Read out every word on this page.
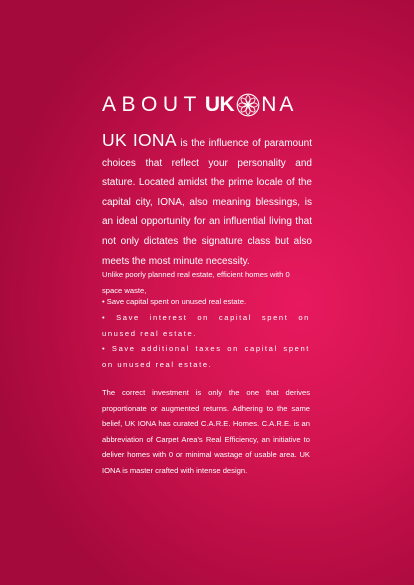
ABOUT UK NA

UK IONA is the influence of paramount choices that reflect your personality and stature. Located amidst the prime locale of the capital city, IONA, also meaning blessings, is an ideal opportunity for an influential living that not only dictates the signature class but also meets the most minute necessity.

Unlike poorly planned real estate, efficient homes with 0 space waste,

• Save capital spent on unused real estate.
• Save interest on capital spent on unused real estate.
• Save additional taxes on capital spent on unused real estate.

The correct investment is only the one that derives proportionate or augmented returns. Adhering to the same belief, UK IONA has curated C.A.R.E. Homes. C.A.R.E. is an abbreviation of Carpet Area's Real Efficiency, an initiative to deliver homes with 0 or minimal wastage of usable area. UK IONA is master crafted with intense design.
